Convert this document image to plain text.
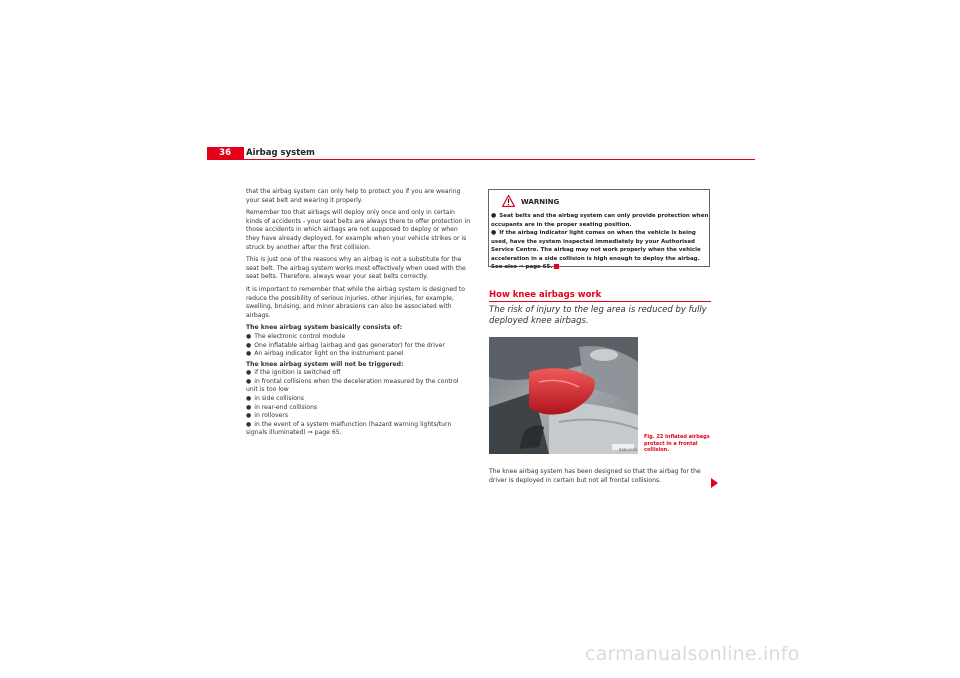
36	Airbag system

that the airbag system can only help to protect you if you are wearing your seat belt and wearing it properly.

Remember too that airbags will deploy only once and only in certain kinds of accidents - your seat belts are always there to offer protection in those accidents in which airbags are not supposed to deploy or when they have already deployed, for example when your vehicle strikes or is struck by another after the first collision.

This is just one of the reasons why an airbag is not a substitute for the seat belt. The airbag system works most effectively when used with the seat belts. Therefore, always wear your seat belts correctly.

It is important to remember that while the airbag system is designed to reduce the possibility of serious injuries, other injuries, for example, swelling, bruising, and minor abrasions can also be associated with airbags.

The knee airbag system basically consists of:

● The electronic control module
● One inflatable airbag (airbag and gas generator) for the driver
● An airbag indicator light on the instrument panel

The knee airbag system will not be triggered:

● if the ignition is switched off
● in frontal collisions when the deceleration measured by the control unit is too low
● in side collisions
● in rear-end collisions
● in rollovers
● in the event of a system malfunction (hazard warning lights/turn signals illuminated) ⇒ page 65.
WARNING
● Seat belts and the airbag system can only provide protection when occupants are in the proper seating position.
● If the airbag indicator light comes on when the vehicle is being used, have the system inspected immediately by your Authorised Service Centre. The airbag may not work properly when the vehicle acceleration in a side collision is high enough to deploy the airbag. See also ⇒ page 65.
How knee airbags work
The risk of injury to the leg area is reduced by fully deployed knee airbags.
Fig. 22 Inflated airbags protect in a frontal collision.
B5M-0052
The knee airbag system has been designed so that the airbag for the driver is deployed in certain but not all frontal collisions.
carmanualsonline.info
